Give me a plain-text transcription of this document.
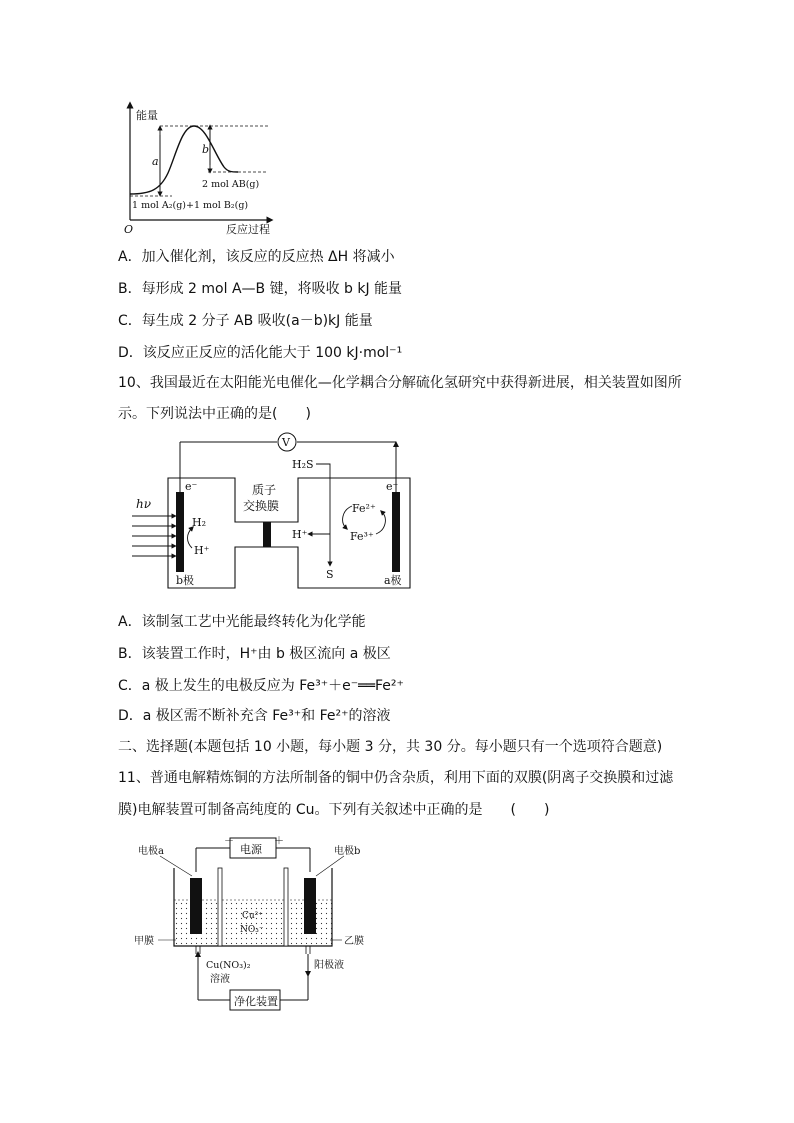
能量
反应过程
O
a
b
2 mol AB(g)
1 mol A₂(g)+1 mol B₂(g)
A．加入催化剂，该反应的反应热 ΔH 将减小
B．每形成 2 mol A—B 键，将吸收 b kJ 能量
C．每生成 2 分子 AB 吸收(a－b)kJ 能量
D．该反应正反应的活化能大于 100 kJ·mol⁻¹
10、我国最近在太阳能光电催化—化学耦合分解硫化氢研究中获得新进展，相关装置如图所
示。下列说法中正确的是(　　)
V
质子
交换膜
b极	a极
e⁻	e⁻
hν
H₂
H⁺
H₂S
H⁺
S
Fe²⁺
Fe³⁺
A．该制氢工艺中光能最终转化为化学能
B．该装置工作时，H⁺由 b 极区流向 a 极区
C．a 极上发生的电极反应为 Fe³⁺＋e⁻══Fe²⁺
D．a 极区需不断补充含 Fe³⁺和 Fe²⁺的溶液
二、选择题(本题包括 10 小题，每小题 3 分，共 30 分。每小题只有一个选项符合题意)
11、普通电解精炼铜的方法所制备的铜中仍含杂质，利用下面的双膜(阴离子交换膜和过滤
膜)电解装置可制备高纯度的 Cu。下列有关叙述中正确的是　　(　　)
电源
－	＋
电极a	电极b
甲膜	乙膜
Cu²⁺
NO₃⁻
净化装置
Cu(NO₃)₂
溶液
阳极液
